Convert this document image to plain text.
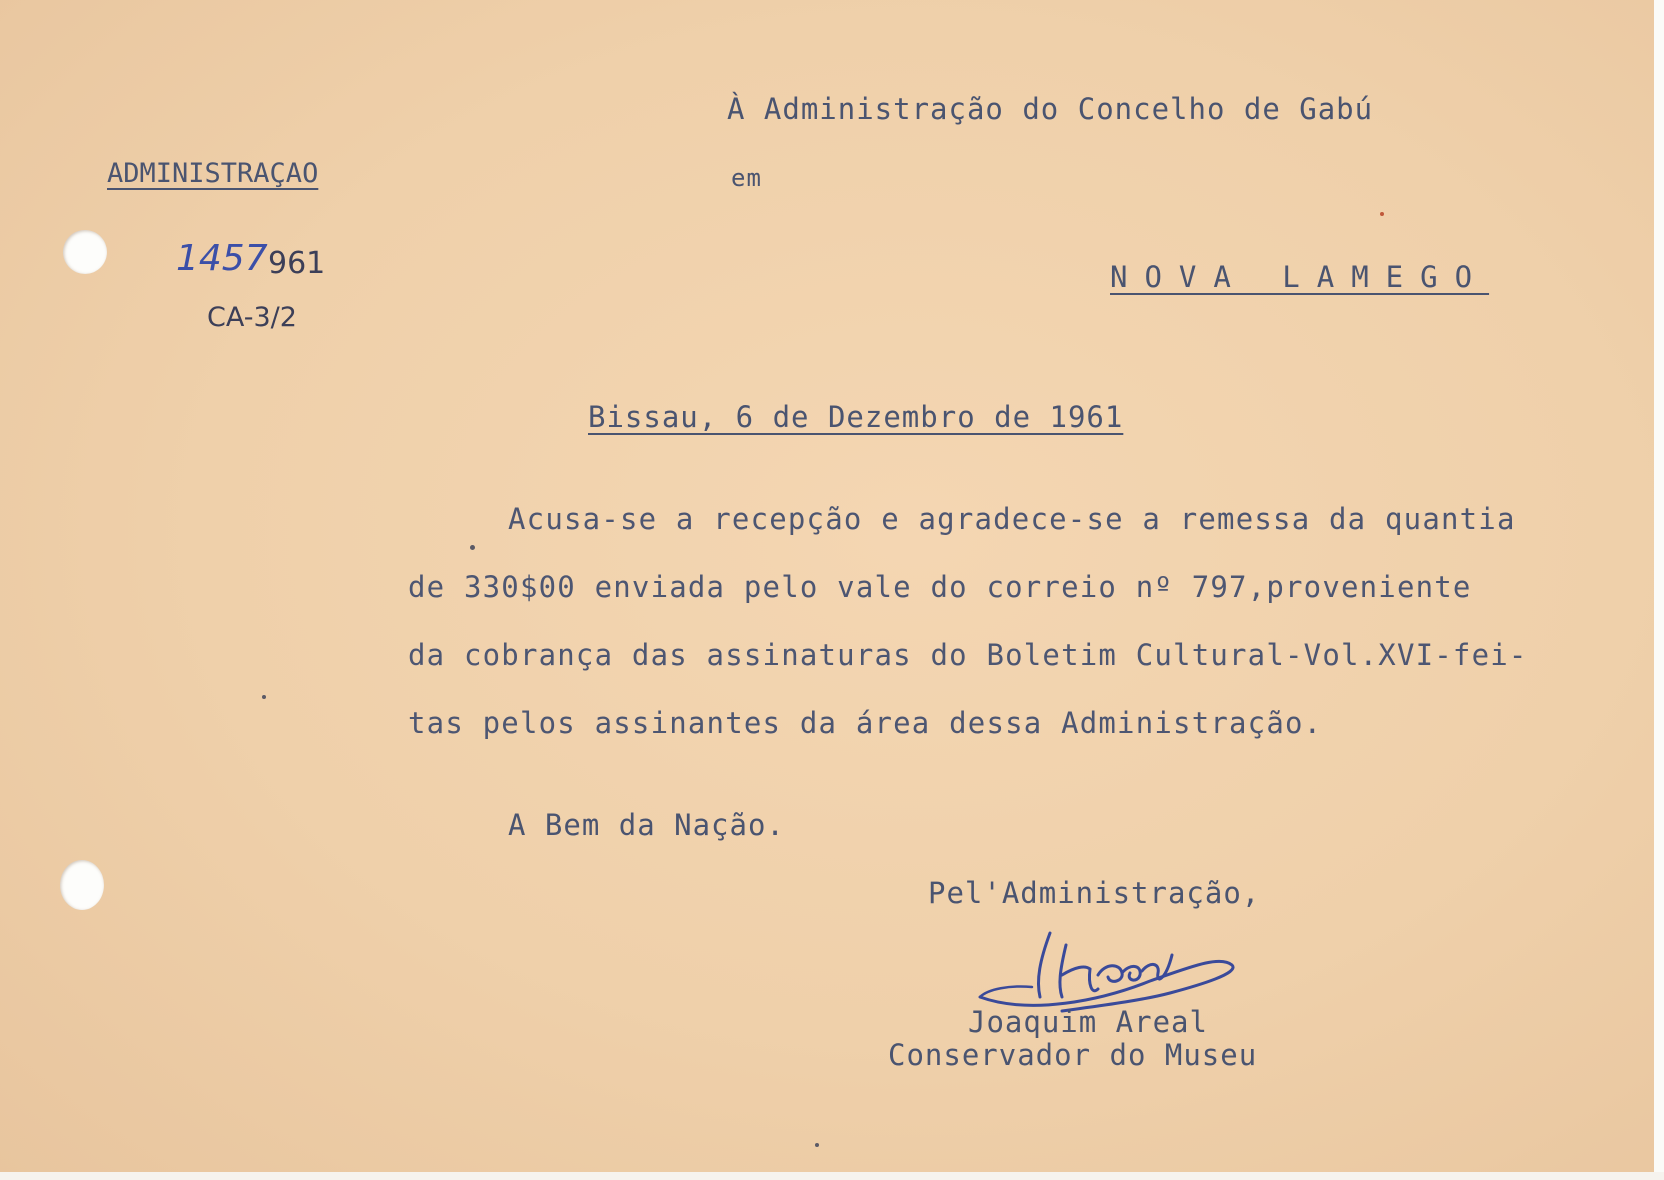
À Administração do Concelho de Gabú
em
NOVA LAMEGO
ADMINISTRAÇAO
1457 961
CA-3/2
Bissau, 6 de Dezembro de 1961
Acusa-se a recepção e agradece-se a remessa da quantia
de 330$00 enviada pelo vale do correio nº 797,proveniente
da cobrança das assinaturas do Boletim Cultural-Vol.XVI-fei-
tas pelos assinantes da área dessa Administração.
A Bem da Nação.
Pel'Administração,
Joaquim Areal
Conservador do Museu
